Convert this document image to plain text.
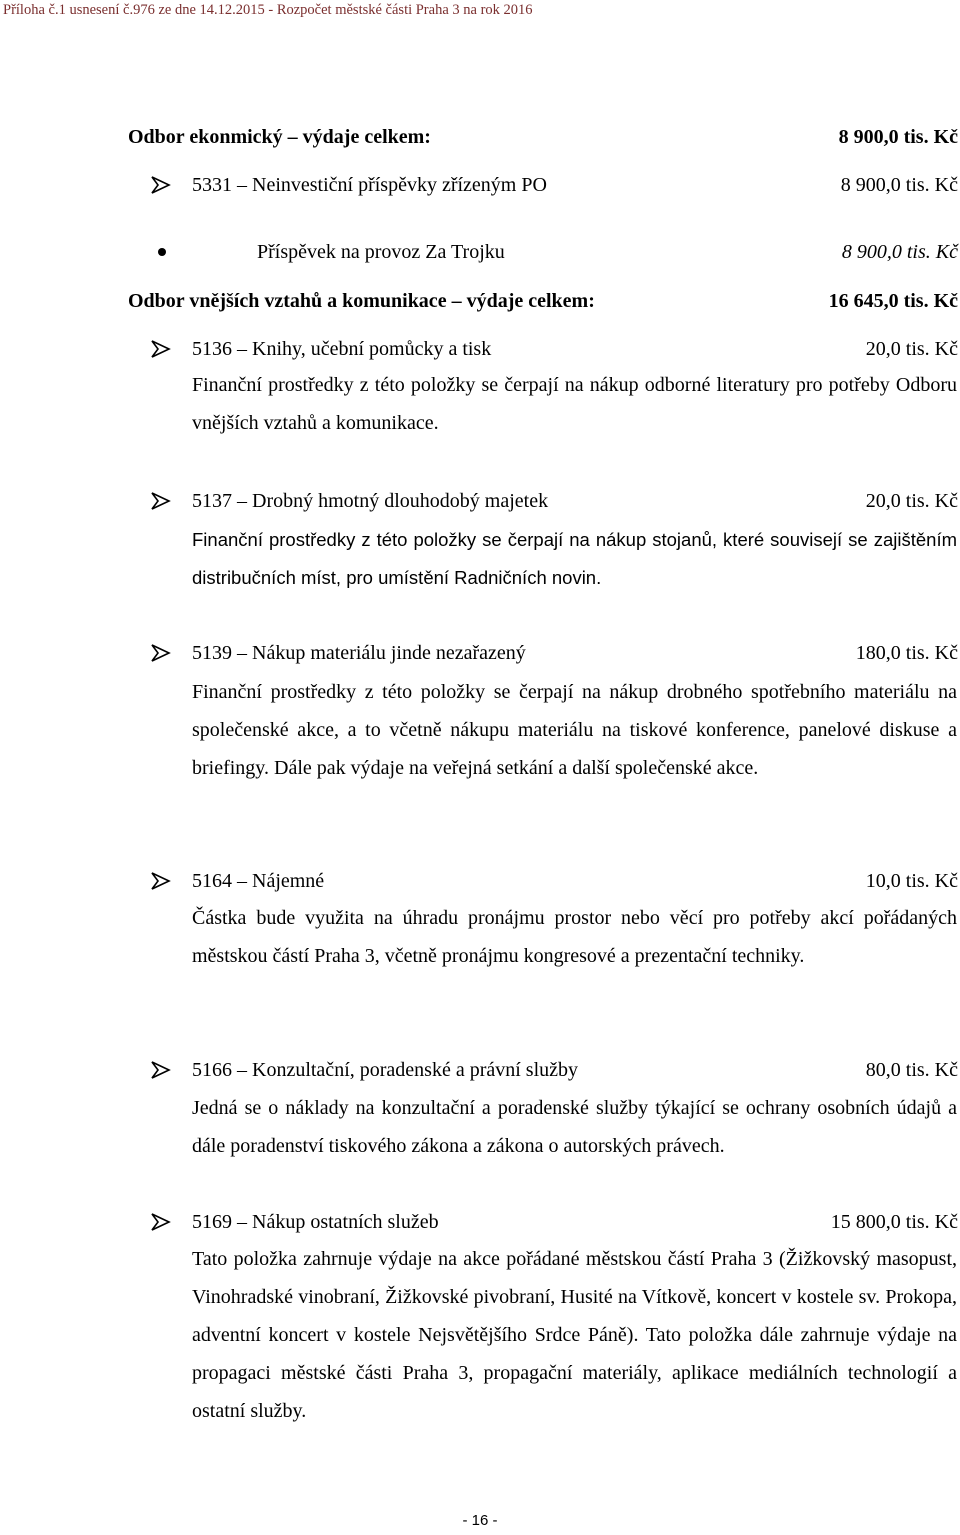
Příloha č.1 usnesení č.976 ze dne 14.12.2015 - Rozpočet městské části Praha 3 na rok 2016
Odbor ekonmický – výdaje celkem:	8 900,0 tis. Kč
5331 – Neinvestiční příspěvky zřízeným PO	8 900,0 tis. Kč
Příspěvek na provoz Za Trojku	8 900,0 tis. Kč
Odbor vnějších vztahů a komunikace – výdaje celkem:	16 645,0 tis. Kč
5136 – Knihy, učební pomůcky a tisk	20,0 tis. Kč

Finanční prostředky z této položky se čerpají na nákup odborné literatury pro potřeby Odboru vnějších vztahů a komunikace.

5137 – Drobný hmotný dlouhodobý majetek	20,0 tis. Kč

Finanční prostředky z této položky se čerpají na nákup stojanů, které souvisejí se zajištěním distribučních míst, pro umístění Radničních novin.

5139 – Nákup materiálu jinde nezařazený	180,0 tis. Kč

Finanční prostředky z této položky se čerpají na nákup drobného spotřebního materiálu na společenské akce, a to včetně nákupu materiálu na tiskové konference, panelové diskuse a briefingy. Dále pak výdaje na veřejná setkání a další společenské akce.

5164 – Nájemné	10,0 tis. Kč

Částka bude využita na úhradu pronájmu prostor nebo věcí pro potřeby akcí pořádaných městskou částí Praha 3, včetně pronájmu kongresové a prezentační techniky.

5166 – Konzultační, poradenské a právní služby	80,0 tis. Kč

Jedná se o náklady na konzultační a poradenské služby týkající se ochrany osobních údajů a dále poradenství tiskového zákona a zákona o autorských právech.

5169 – Nákup ostatních služeb	15 800,0 tis. Kč

Tato položka zahrnuje výdaje na akce pořádané městskou částí Praha 3 (Žižkovský masopust, Vinohradské vinobraní, Žižkovské pivobraní, Husité na Vítkově, koncert v kostele sv. Prokopa, adventní koncert v kostele Nejsvětějšího Srdce Páně). Tato položka dále zahrnuje výdaje na propagaci městské části Praha 3, propagační materiály, aplikace mediálních technologií a ostatní služby.

- 16 -
